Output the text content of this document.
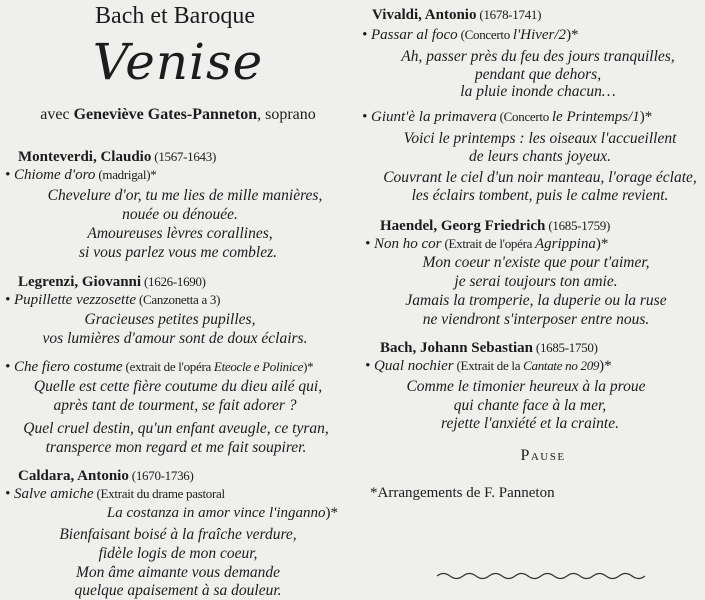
Bach et Baroque
Venise
avec Geneviève Gates-Panneton, soprano
Monteverdi, Claudio (1567-1643)
• Chiome d'oro (madrigal)*
Chevelure d'or, tu me lies de mille manières,
nouée ou dénouée.
Amoureuses lèvres corallines,
si vous parlez vous me comblez.
Legrenzi, Giovanni (1626-1690)
• Pupillette vezzosette (Canzonetta a 3)
Gracieuses petites pupilles,
vos lumières d'amour sont de doux éclairs.
• Che fiero costume (extrait de l'opéra Eteocle e Polinice)*
Quelle est cette fière coutume du dieu ailé qui,
après tant de tourment, se fait adorer ?
Quel cruel destin, qu'un enfant aveugle, ce tyran,
transperce mon regard et me fait soupirer.
Caldara, Antonio (1670-1736)
• Salve amiche (Extrait du drame pastoral
La costanza in amor vince l'inganno)*
Bienfaisant boisé à la fraîche verdure,
fidèle logis de mon coeur,
Mon âme aimante vous demande
quelque apaisement à sa douleur.
Vivaldi, Antonio (1678-1741)
• Passar al foco (Concerto l'Hiver/2)*
Ah, passer près du feu des jours tranquilles,
pendant que dehors,
la pluie inonde chacun…
• Giunt'è la primavera (Concerto le Printemps/1)*
Voici le printemps : les oiseaux l'accueillent
de leurs chants joyeux.
Couvrant le ciel d'un noir manteau, l'orage éclate,
les éclairs tombent, puis le calme revient.
Haendel, Georg Friedrich (1685-1759)
• Non ho cor (Extrait de l'opéra Agrippina)*
Mon coeur n'existe que pour t'aimer,
je serai toujours ton amie.
Jamais la tromperie, la duperie ou la ruse
ne viendront s'interposer entre nous.
Bach, Johann Sebastian (1685-1750)
• Qual nochier (Extrait de la Cantate no 209)*
Comme le timonier heureux à la proue
qui chante face à la mer,
rejette l'anxiété et la crainte.
Pause
*Arrangements de F. Panneton
